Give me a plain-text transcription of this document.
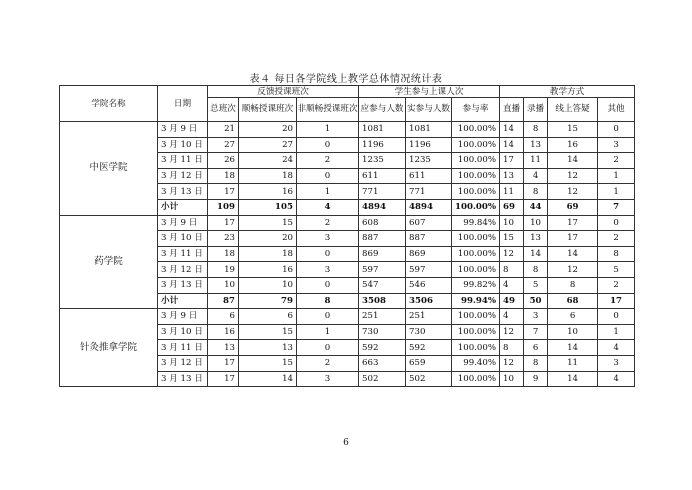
表４ 每日各学院线上教学总体情况统计表
学院名称	日期	反馈授课班次			学生参与上课人次			教学方式			
		总班次	顺畅授课班次	非顺畅授课班次	应参与人数	实参与人数	参与率	直播	录播	线上答疑	其他
中医学院	3 月 9 日	21	20	1	1081	1081	100.00%	14	8	15	0
	3 月 10 日	27	27	0	1196	1196	100.00%	14	13	16	3
	3 月 11 日	26	24	2	1235	1235	100.00%	17	11	14	2
	3 月 12 日	18	18	0	611	611	100.00%	13	4	12	1
	3 月 13 日	17	16	1	771	771	100.00%	11	8	12	1
	小计	109	105	4	4894	4894	100.00%	69	44	69	7
药学院	3 月 9 日	17	15	2	608	607	99.84%	10	10	17	0
	3 月 10 日	23	20	3	887	887	100.00%	15	13	17	2
	3 月 11 日	18	18	0	869	869	100.00%	12	14	14	8
	3 月 12 日	19	16	3	597	597	100.00%	8	8	12	5
	3 月 13 日	10	10	0	547	546	99.82%	4	5	8	2
	小计	87	79	8	3508	3506	99.94%	49	50	68	17
针灸推拿学院	3 月 9 日	6	6	0	251	251	100.00%	4	3	6	0
	3 月 10 日	16	15	1	730	730	100.00%	12	7	10	1
	3 月 11 日	13	13	0	592	592	100.00%	8	6	14	4
	3 月 12 日	17	15	2	663	659	99.40%	12	8	11	3
	3 月 13 日	17	14	3	502	502	100.00%	10	9	14	4
6
